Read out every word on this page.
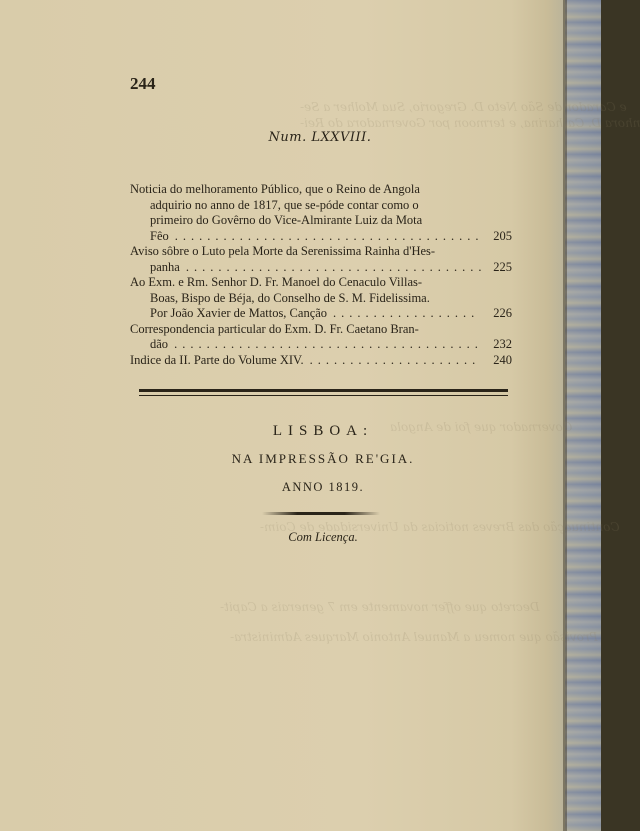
e Carador de São Neto D. Gregorio, Sua Molher a Se-
nhora D. Catharina, e termoon por Governadora do Rei-
Governador que foi de Angola
Continuação das Breves noticias da Universidade de Coim-
Decreto que offer novamente em 7 generais a Capit-
Provisão que nomeu a Manuel Antonio Marques Administra-
244
Num. LXXVIII.
Noticia do melhoramento Público, que o Reino de Angola
adquirio no anno de 1817, que se-póde contar como o
primeiro do Govêrno do Vice-Almirante Luiz da Mota
Fêo ...................................... 205
Aviso sôbre o Luto pela Morte da Serenissima Rainha d'Hes-
panha ..................................... 225
Ao Exm. e Rm. Senhor D. Fr. Manoel do Cenaculo Villas-
Boas, Bispo de Béja, do Conselho de S. M. Fidelissima.
Por João Xavier de Mattos, Canção ..................	226
Correspondencia particular do Exm. D. Fr. Caetano Bran-
dão ...................................... 232
Indice da II. Parte do Volume XIV. .....................	240
LISBOA:
NA IMPRESSÃO RE'GIA.
ANNO 1819.
Com Licença.
